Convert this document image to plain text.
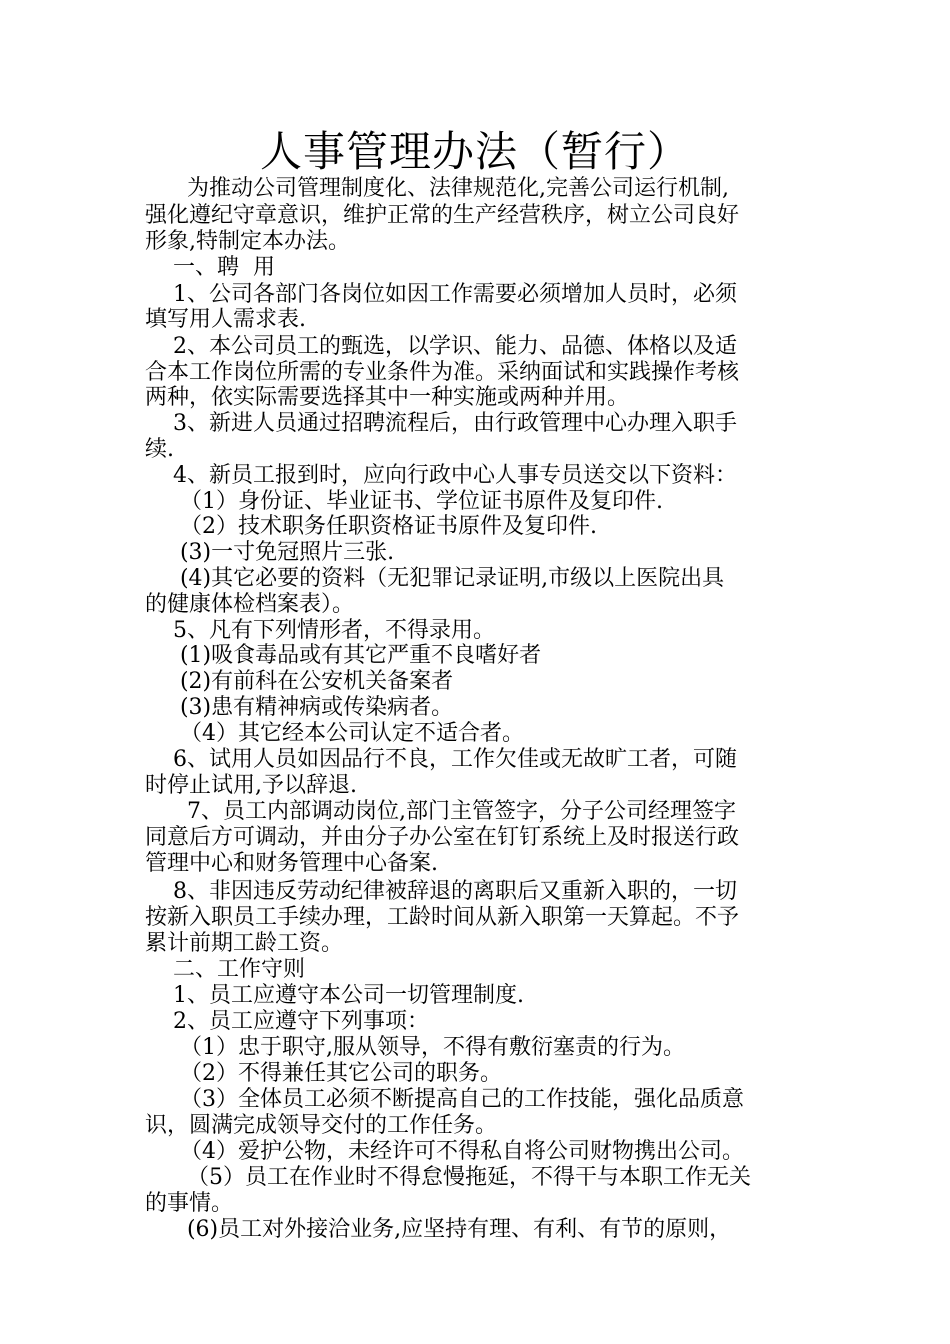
人事管理办法（暂行）
为推动公司管理制度化、法律规范化,完善公司运行机制,
强化遵纪守章意识，维护正常的生产经营秩序，树立公司良好
形象,特制定本办法。
一、聘  用
1、公司各部门各岗位如因工作需要必须增加人员时，必须
填写用人需求表.
2、本公司员工的甄选，以学识、能力、品德、体格以及适
合本工作岗位所需的专业条件为准。采纳面试和实践操作考核
两种，依实际需要选择其中一种实施或两种并用。
3、新进人员通过招聘流程后，由行政管理中心办理入职手
续.
4、新员工报到时，应向行政中心人事专员送交以下资料：
（1）身份证、毕业证书、学位证书原件及复印件.
（2）技术职务任职资格证书原件及复印件.
(3)一寸免冠照片三张.
(4)其它必要的资料（无犯罪记录证明,市级以上医院出具
的健康体检档案表）。
5、凡有下列情形者，不得录用。
(1)吸食毒品或有其它严重不良嗜好者
(2)有前科在公安机关备案者
(3)患有精神病或传染病者。
（4）其它经本公司认定不适合者。
6、试用人员如因品行不良，工作欠佳或无故旷工者，可随
时停止试用,予以辞退.
7、员工内部调动岗位,部门主管签字，分子公司经理签字
同意后方可调动，并由分子办公室在钉钉系统上及时报送行政
管理中心和财务管理中心备案.
8、非因违反劳动纪律被辞退的离职后又重新入职的，一切
按新入职员工手续办理，工龄时间从新入职第一天算起。不予
累计前期工龄工资。
二、工作守则
1、员工应遵守本公司一切管理制度.
2、员工应遵守下列事项：
（1）忠于职守,服从领导，不得有敷衍塞责的行为。
（2）不得兼任其它公司的职务。
（3）全体员工必须不断提高自己的工作技能，强化品质意
识，圆满完成领导交付的工作任务。
（4）爱护公物，未经许可不得私自将公司财物携出公司。
（5）员工在作业时不得怠慢拖延，不得干与本职工作无关
的事情。
(6)员工对外接洽业务,应坚持有理、有利、有节的原则，
